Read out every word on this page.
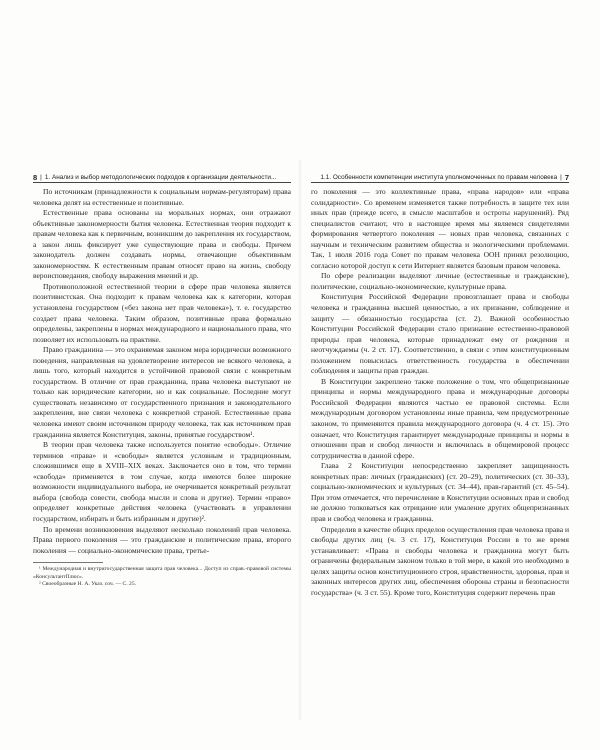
8 | 1. Анализ и выбор методологических подходов к организации деятельности...

По источникам (принадлежности к социальным нормам-регуляторам) права человека делят на естественные и позитивные.

Естественные права основаны на моральных нормах, они отражают объективные закономерности бытия человека. Естественная теория подходит к правам человека как к первичным, возникшим до закрепления их государством, а закон лишь фиксирует уже существующие права и свободы. Причем законодатель должен создавать нормы, отвечающие объективным закономерностям. К естественным правам относят право на жизнь, свободу вероисповедания, свободу выражения мнений и др.

Противоположной естественной теории в сфере прав человека является позитивистская. Она подходит к правам человека как к категории, которая установлена государством («без закона нет прав человека»), т. е. государство создает права человека. Таким образом, позитивные права формально определены, закреплены в нормах международного и национального права, что позволяет их использовать на практике.

Право гражданина — это охраняемая законом мера юридически возможного поведения, направленная на удовлетворение интересов не всякого человека, а лишь того, который находится в устойчивой правовой связи с конкретным государством. В отличие от прав гражданина, права человека выступают не только как юридические категории, но и как социальные. Последние могут существовать независимо от государственного признания и законодательного закрепления, вне связи человека с конкретной страной. Естественные права человека имеют своим источником природу человека, так как источником прав гражданина является Конституция, законы, принятые государством¹.

В теории прав человека также используется понятие «свободы». Отличие терминов «права» и «свободы» является условным и традиционным, сложившимся еще в XVIII–XIX веках. Заключается оно в том, что термин «свобода» применяется в том случае, когда имеются более широкие возможности индивидуального выбора, не очерчивается конкретный результат выбора (свобода совести, свобода мысли и слова и другие). Термин «право» определяет конкретные действия человека (участвовать в управлении государством, избирать и быть избранным и другие)².

По времени возникновения выделяют несколько поколений прав человека. Права первого поколения — это гражданские и политические права, второго поколения — социально-экономические права, третье-

¹ Международная и внутригосударственная защита прав человека... Доступ из справ.-правовой системы «КонсультантПлюс».
² Своеобразные Н. А. Указ. соч. — С. 25.
1.1. Особенности компетенции института уполномоченных по правам человека | 7

го поколения — это коллективные права, «права народов» или «права солидарности». Со временем изменяется также потребность в защите тех или иных прав (прежде всего, в смысле масштабов и остроты нарушений). Ряд специалистов считают, что в настоящее время мы являемся свидетелями формирования четвертого поколения — новых прав человека, связанных с научным и техническим развитием общества и экологическими проблемами. Так, 1 июля 2016 года Совет по правам человека ООН принял резолюцию, согласно которой доступ к сети Интернет является базовым правом человека.

По сфере реализации выделяют личные (естественные и гражданские), политические, социально-экономические, культурные права.

Конституция Российской Федерации провозглашает права и свободы человека и гражданина высшей ценностью, а их признание, соблюдение и защиту — обязанностью государства (ст. 2). Важной особенностью Конституции Российской Федерации стало признание естественно-правовой природы прав человека, которые принадлежат ему от рождения и неотчуждаемы (ч. 2 ст. 17). Соответственно, в связи с этим конституционным положением повысилась ответственность государства в обеспечении соблюдения и защиты прав граждан.

В Конституции закреплено также положение о том, что общепризнанные принципы и нормы международного права и международные договоры Российской Федерации являются частью ее правовой системы. Если международным договором установлены иные правила, чем предусмотренные законом, то применяются правила международного договора (ч. 4 ст. 15). Это означает, что Конституция гарантирует международные принципы и нормы в отношении прав и свобод личности и включилась в общемировой процесс сотрудничества в данной сфере.

Глава 2 Конституции непосредственно закрепляет защищенность конкретных прав: личных (гражданских) (ст. 20–29), политических (ст. 30–33), социально-экономических и культурных (ст. 34–44), прав-гарантий (ст. 45–54). При этом отмечается, что перечисление в Конституции основных прав и свобод не должно толковаться как отрицание или умаление других общепризнанных прав и свобод человека и гражданина.

Определив в качестве общих пределов осуществления прав человека права и свободы других лиц (ч. 3 ст. 17), Конституция России в то же время устанавливает: «Права и свободы человека и гражданина могут быть ограничены федеральным законом только в той мере, в какой это необходимо в целях защиты основ конституционного строя, нравственности, здоровья, прав и законных интересов других лиц, обеспечения обороны страны и безопасности государства» (ч. 3 ст. 55). Кроме того, Конституция содержит перечень прав
